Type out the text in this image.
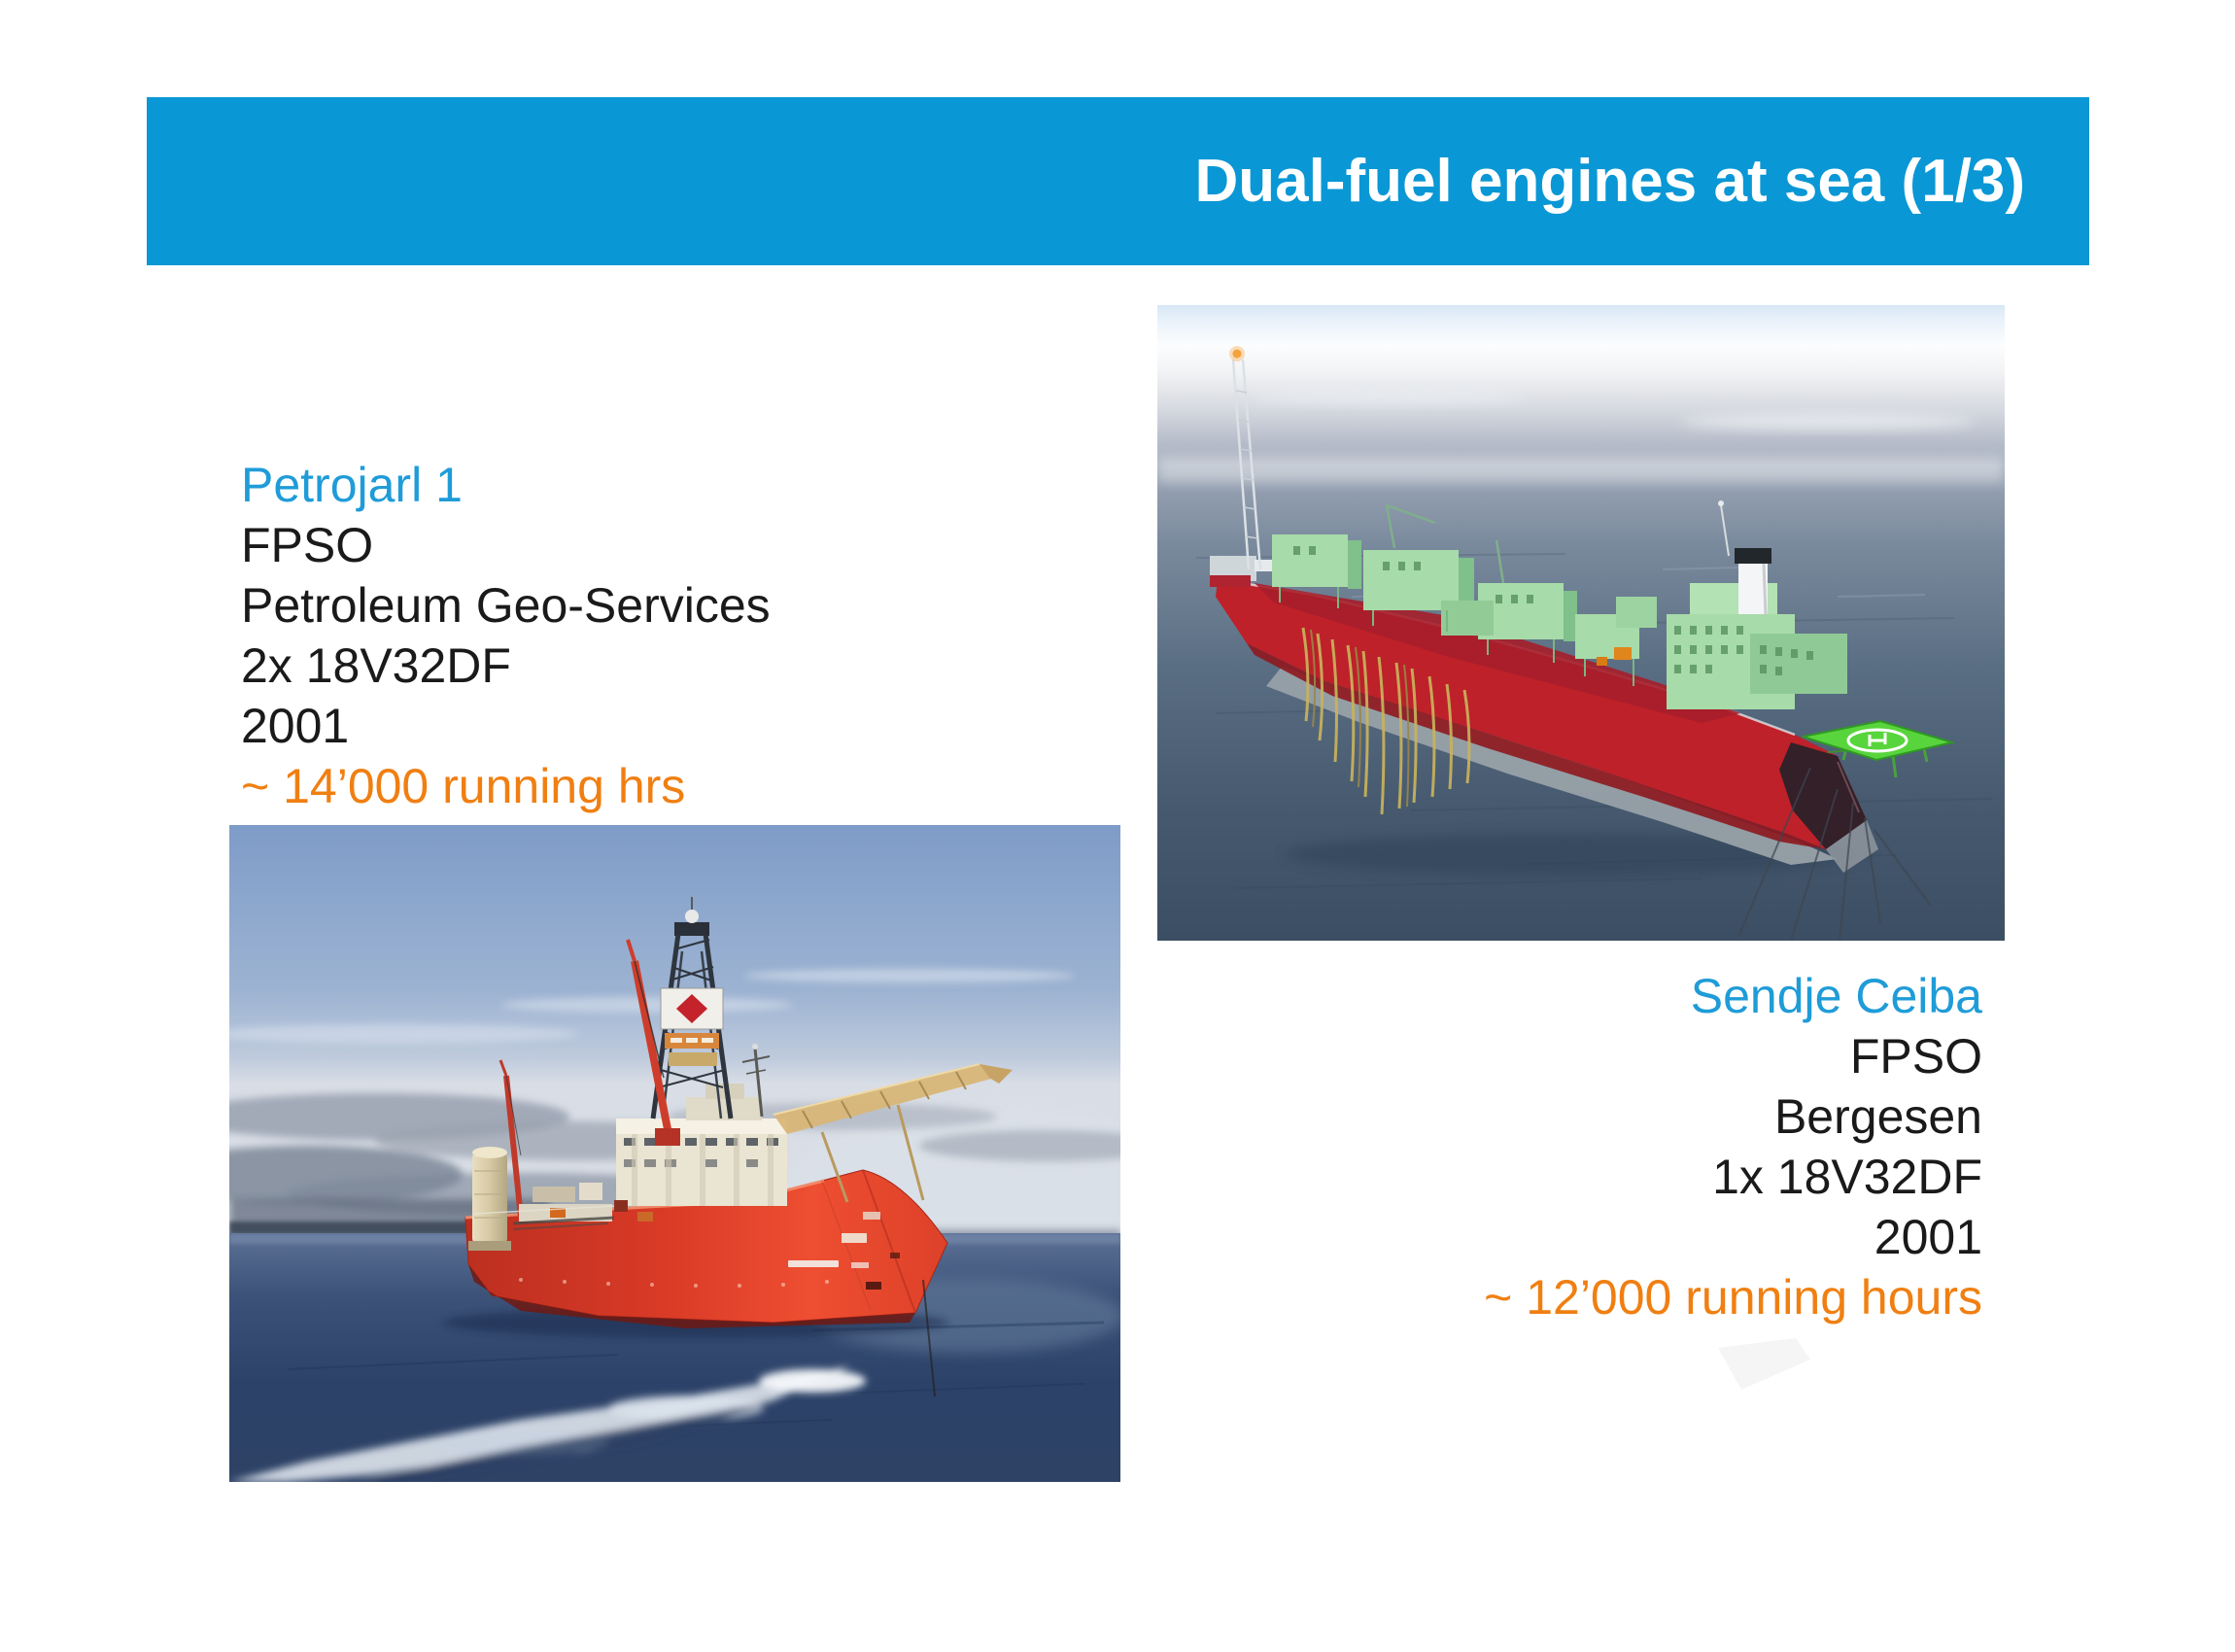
Dual-fuel engines at sea (1/3)
Petrojarl 1
FPSO
Petroleum Geo-Services
2x 18V32DF
2001
~ 14’000 running hrs
Sendje Ceiba
FPSO
Bergesen
1x 18V32DF
2001
~ 12’000 running hours
